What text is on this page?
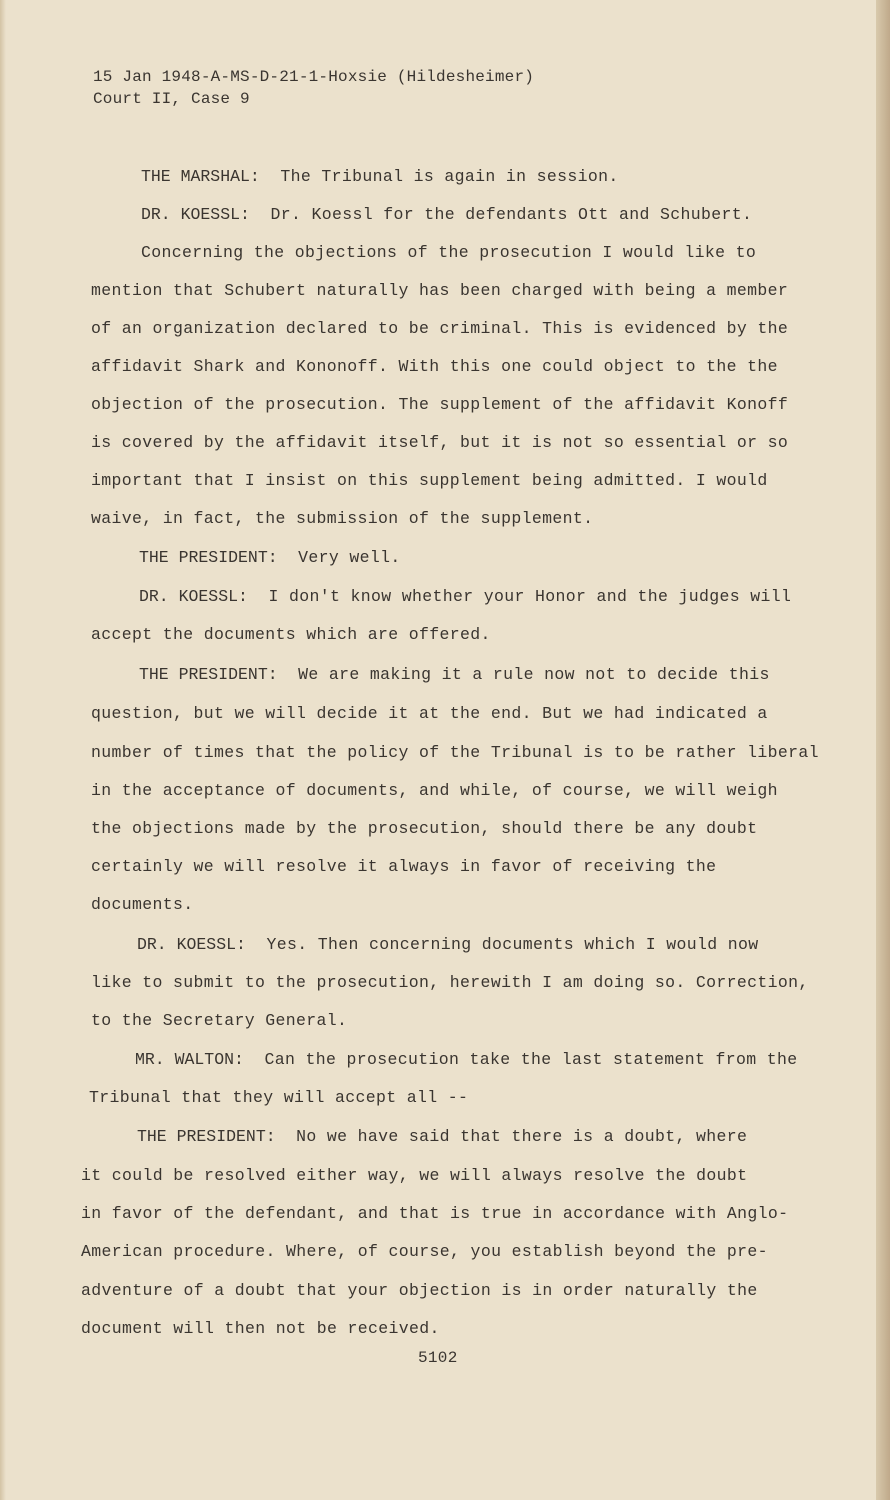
15 Jan 1948-A-MS-D-21-1-Hoxsie (Hildesheimer)
Court II, Case 9
THE MARSHAL: The Tribunal is again in session.
DR. KOESSL: Dr. Koessl for the defendants Ott and Schubert.
Concerning the objections of the prosecution I would like to
mention that Schubert naturally has been charged with being a member
of an organization declared to be criminal. This is evidenced by the
affidavit Shark and Kononoff. With this one could object to the the
objection of the prosecution. The supplement of the affidavit Konoff
is covered by the affidavit itself, but it is not so essential or so
important that I insist on this supplement being admitted. I would
waive, in fact, the submission of the supplement.
THE PRESIDENT: Very well.
DR. KOESSL: I don't know whether your Honor and the judges will
accept the documents which are offered.
THE PRESIDENT: We are making it a rule now not to decide this
question, but we will decide it at the end. But we had indicated a
number of times that the policy of the Tribunal is to be rather liberal
in the acceptance of documents, and while, of course, we will weigh
the objections made by the prosecution, should there be any doubt
certainly we will resolve it always in favor of receiving the
documents.
DR. KOESSL: Yes. Then concerning documents which I would now
like to submit to the prosecution, herewith I am doing so. Correction,
to the Secretary General.
MR. WALTON: Can the prosecution take the last statement from the
Tribunal that they will accept all --
THE PRESIDENT: No we have said that there is a doubt, where
it could be resolved either way, we will always resolve the doubt
in favor of the defendant, and that is true in accordance with Anglo-
American procedure. Where, of course, you establish beyond the pre-
adventure of a doubt that your objection is in order naturally the
document will then not be received.
5102
